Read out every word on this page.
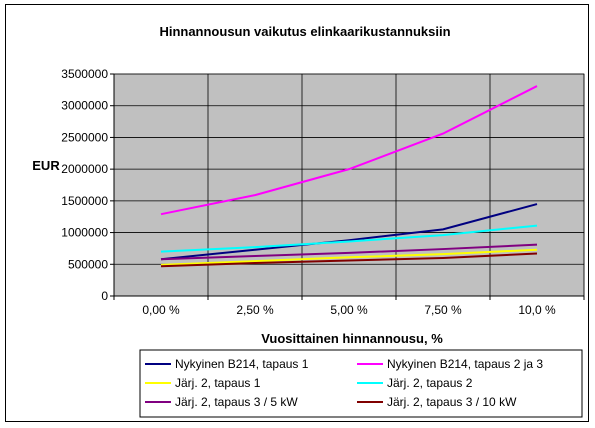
Hinnannousun vaikutus elinkaarikustannuksiin
EUR
Vuosittainen hinnannousu, %
0
500000
1000000
1500000
2000000
2500000
3000000
3500000
0,00 %	2,50 %	5,00 %	7,50 %	10,0 %
Nykyinen B214, tapaus 1	Nykyinen B214, tapaus 2 ja 3
Järj. 2, tapaus 1	Järj. 2, tapaus 2
Järj. 2, tapaus 3 / 5 kW	Järj. 2, tapaus 3 / 10 kW
